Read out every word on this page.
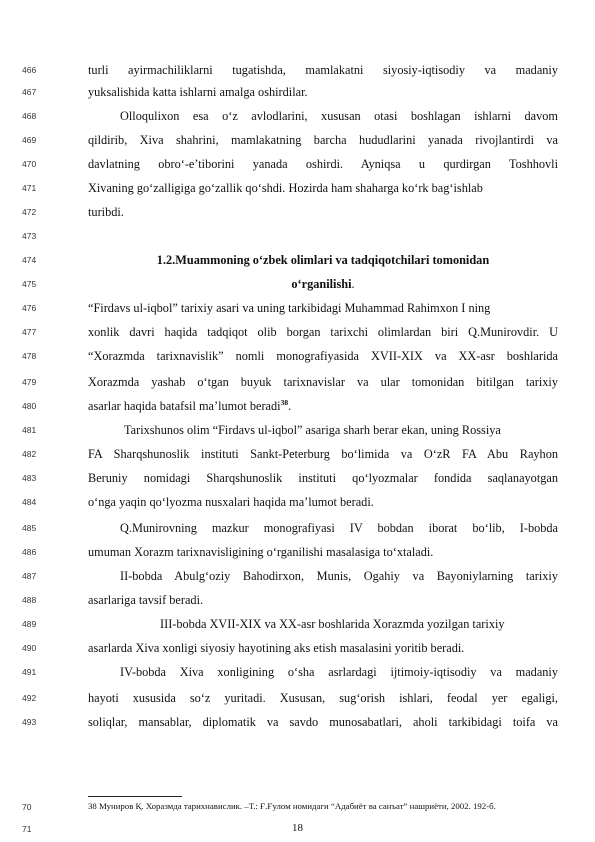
466
467
468
469
470
471
472
473
474
475
476
477
478
479
480
481
482
483
484
485
486
487
488
489
490
491
492
493
turli ayirmachiliklarni tugatishda, mamlakatni siyosiy-iqtisodiy va madaniy
yuksalishida katta ishlarni amalga oshirdilar.
Olloqulixon esa o‘z avlodlarini, xususan otasi boshlagan ishlarni davom
qildirib, Xiva shahrini, mamlakatning barcha hududlarini yanada rivojlantirdi va
davlatning obro‘-e’tiborini yanada oshirdi. Ayniqsa u qurdirgan Toshhovli
Xivaning go‘zalligiga go‘zallik qo‘shdi. Hozirda ham shaharga ko‘rk bag‘ishlab
turibdi.
1.2.Muammoning o‘zbek olimlari va tadqiqotchilari tomonidan
o‘rganilishi.
“Firdavs ul-iqbol” tarixiy asari va uning tarkibidagi Muhammad Rahimxon I ning
xonlik davri haqida tadqiqot olib borgan tarixchi olimlardan biri Q.Munirovdir. U
“Xorazmda tarixnavislik” nomli monografiyasida XVII-XIX va XX-asr boshlarida
Xorazmda yashab o‘tgan buyuk tarixnavislar va ular tomonidan bitilgan tarixiy
asarlar haqida batafsil ma’lumot beradi$^{38}$.
Tarixshunos olim “Firdavs ul-iqbol” asariga sharh berar ekan, uning Rossiya
FA Sharqshunoslik instituti Sankt-Peterburg bo‘limida va O‘zR FA Abu Rayhon
Beruniy nomidagi Sharqshunoslik instituti qo‘lyozmalar fondida saqlanayotgan
o‘nga yaqin qo‘lyozma nusxalari haqida ma’lumot beradi.
Q.Munirovning mazkur monografiyasi IV bobdan iborat bo‘lib, I-bobda
umuman Xorazm tarixnavisligining o‘rganilishi masalasiga to‘xtaladi.
II-bobda Abulg‘oziy Bahodirxon, Munis, Ogahiy va Bayoniylarning tarixiy
asarlariga tavsif beradi.
III-bobda XVII-XIX va XX-asr boshlarida Xorazmda yozilgan tarixiy
asarlarda Xiva xonligi siyosiy hayotining aks etish masalasini yoritib beradi.
IV-bobda Xiva xonligining o‘sha asrlardagi ijtimoiy-iqtisodiy va madaniy
hayoti xususida so‘z yuritadi. Xususan, sug‘orish ishlari, feodal yer egaligi,
soliqlar, mansablar, diplomatik va savdo munosabatlari, aholi tarkibidagi toifa va
70	38 Муниров Қ. Хоразмда тарихнавислик. –Т.: Ғ.Ғулом номидаги “Адабиёт ва санъат” нашриёти, 2002. 192-б.
71	18
